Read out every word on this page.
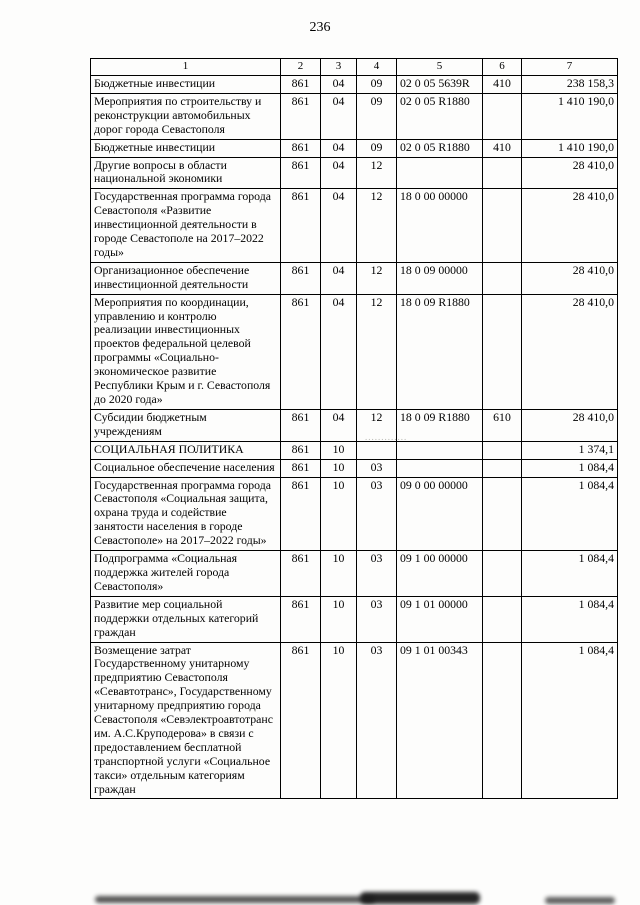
236
1	2	3	4	5	6	7
Бюджетные инвестиции	861	04	09	02 0 05 5639R	410	238 158,3
Мероприятия по строительству и реконструкции автомобильных дорог города Севастополя	861	04	09	02 0 05 R1880		1 410 190,0
Бюджетные инвестиции	861	04	09	02 0 05 R1880	410	1 410 190,0
Другие вопросы в области национальной экономики	861	04	12			28 410,0
Государственная программа города Севастополя «Развитие инвестиционной деятельности в городе Севастополе на 2017–2022 годы»	861	04	12	18 0 00 00000		28 410,0
Организационное обеспечение инвестиционной деятельности	861	04	12	18 0 09 00000		28 410,0
Мероприятия по координации, управлению и контролю реализации инвестиционных проектов федеральной целевой программы «Социально-экономическое развитие Республики Крым и г. Севастополя до 2020 года»	861	04	12	18 0 09 R1880		28 410,0
Субсидии бюджетным учреждениям	861	04	12	18 0 09 R1880	610	28 410,0
СОЦИАЛЬНАЯ ПОЛИТИКА	861	10				1 374,1
Социальное обеспечение населения	861	10	03			1 084,4
Государственная программа города Севастополя «Социальная защита, охрана труда и содействие занятости населения в городе Севастополе» на 2017–2022 годы»	861	10	03	09 0 00 00000		1 084,4
Подпрограмма «Социальная поддержка жителей города Севастополя»	861	10	03	09 1 00 00000		1 084,4
Развитие мер социальной поддержки отдельных категорий граждан	861	10	03	09 1 01 00000		1 084,4
Возмещение затрат Государственному унитарному предприятию Севастополя «Севавтотранс», Государственному унитарному предприятию города Севастополя «Севэлектроавтотранс им. А.С.Круподерова» в связи с предоставлением бесплатной транспортной услуги «Социальное такси» отдельным категориям граждан	861	10	03	09 1 01 00343		1 084,4
.............
